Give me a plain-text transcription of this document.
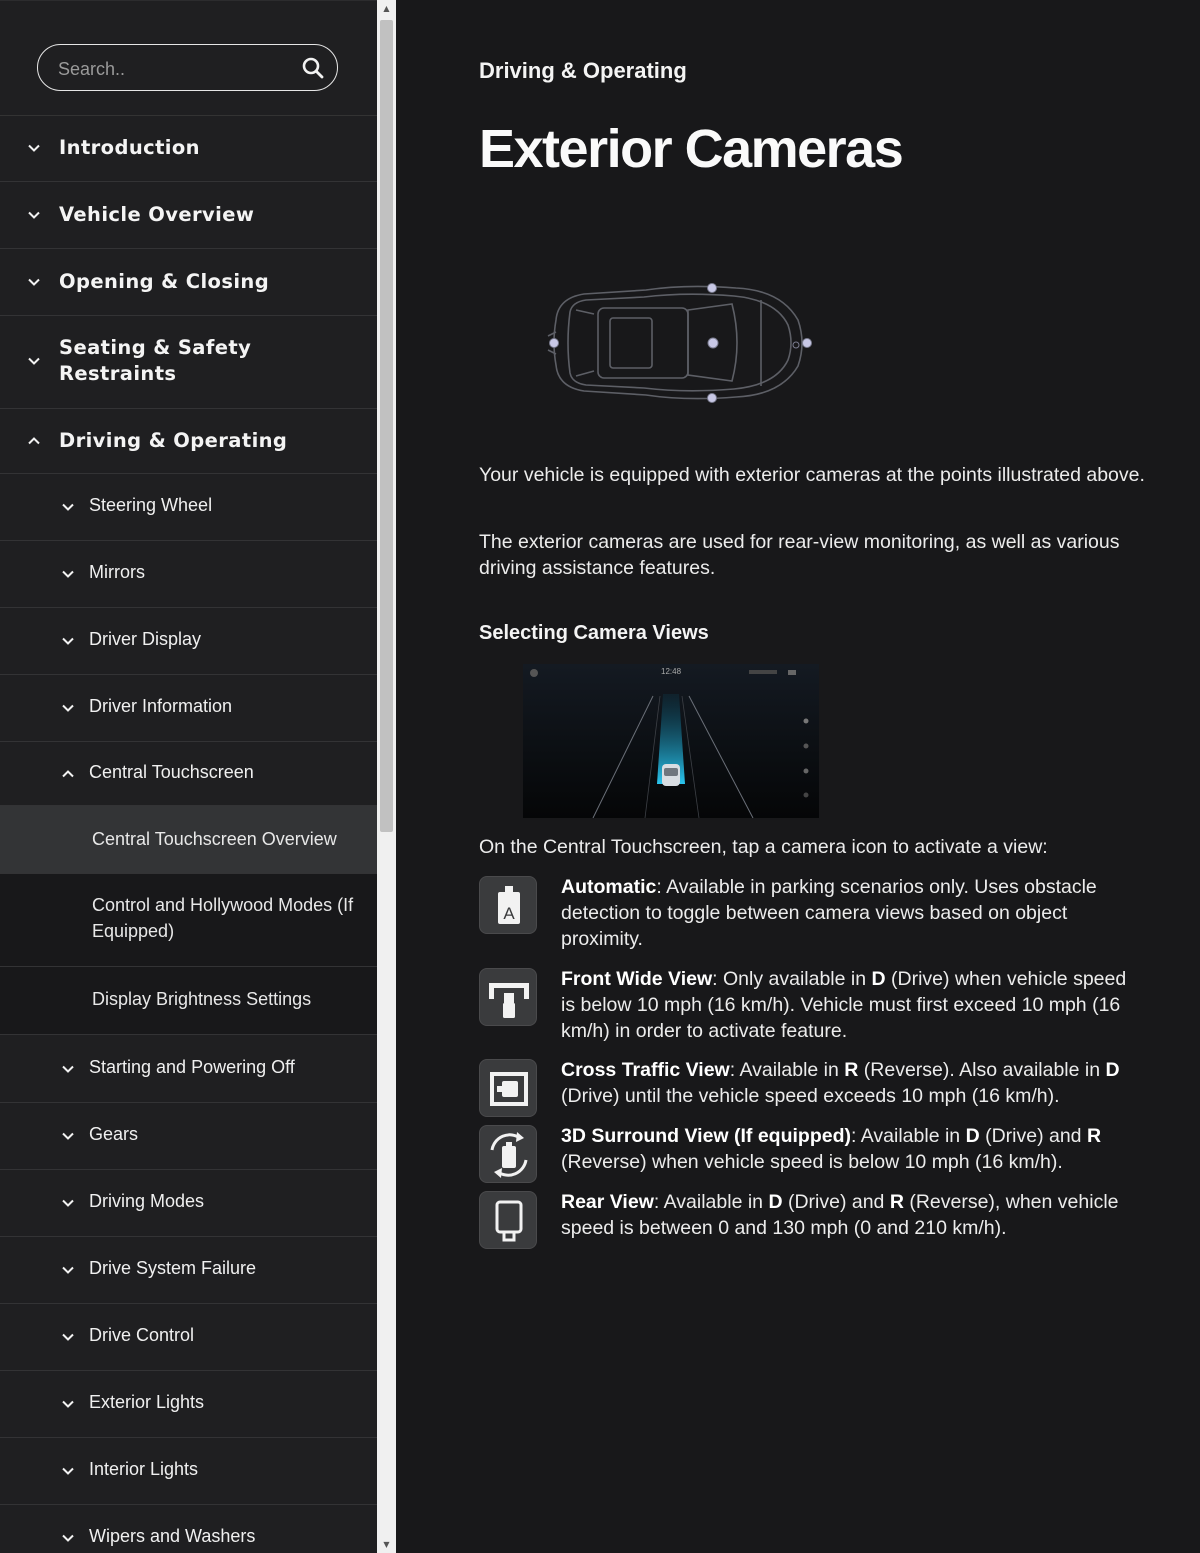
Search..
Introduction
Vehicle Overview
Opening & Closing
Seating & Safety Restraints
Driving & Operating
Steering Wheel
Mirrors
Driver Display
Driver Information
Central Touchscreen
Central Touchscreen Overview
Control and Hollywood Modes (If Equipped)
Display Brightness Settings
Starting and Powering Off
Gears
Driving Modes
Drive System Failure
Drive Control
Exterior Lights
Interior Lights
Wipers and Washers
▲
▼
Driving & Operating
Exterior Cameras
Your vehicle is equipped with exterior cameras at the points illustrated above.
The exterior cameras are used for rear-view monitoring, as well as various driving assistance features.
Selecting Camera Views
12:48
On the Central Touchscreen, tap a camera icon to activate a view:
A
Automatic: Available in parking scenarios only. Uses obstacle detection to toggle between camera views based on object proximity.
Front Wide View: Only available in D (Drive) when vehicle speed is below 10 mph (16 km/h). Vehicle must first exceed 10 mph (16 km/h) in order to activate feature.
Cross Traffic View: Available in R (Reverse). Also available in D (Drive) until the vehicle speed exceeds 10 mph (16 km/h).
3D Surround View (If equipped): Available in D (Drive) and R (Reverse) when vehicle speed is below 10 mph (16 km/h).
Rear View: Available in D (Drive) and R (Reverse), when vehicle speed is between 0 and 130 mph (0 and 210 km/h).
